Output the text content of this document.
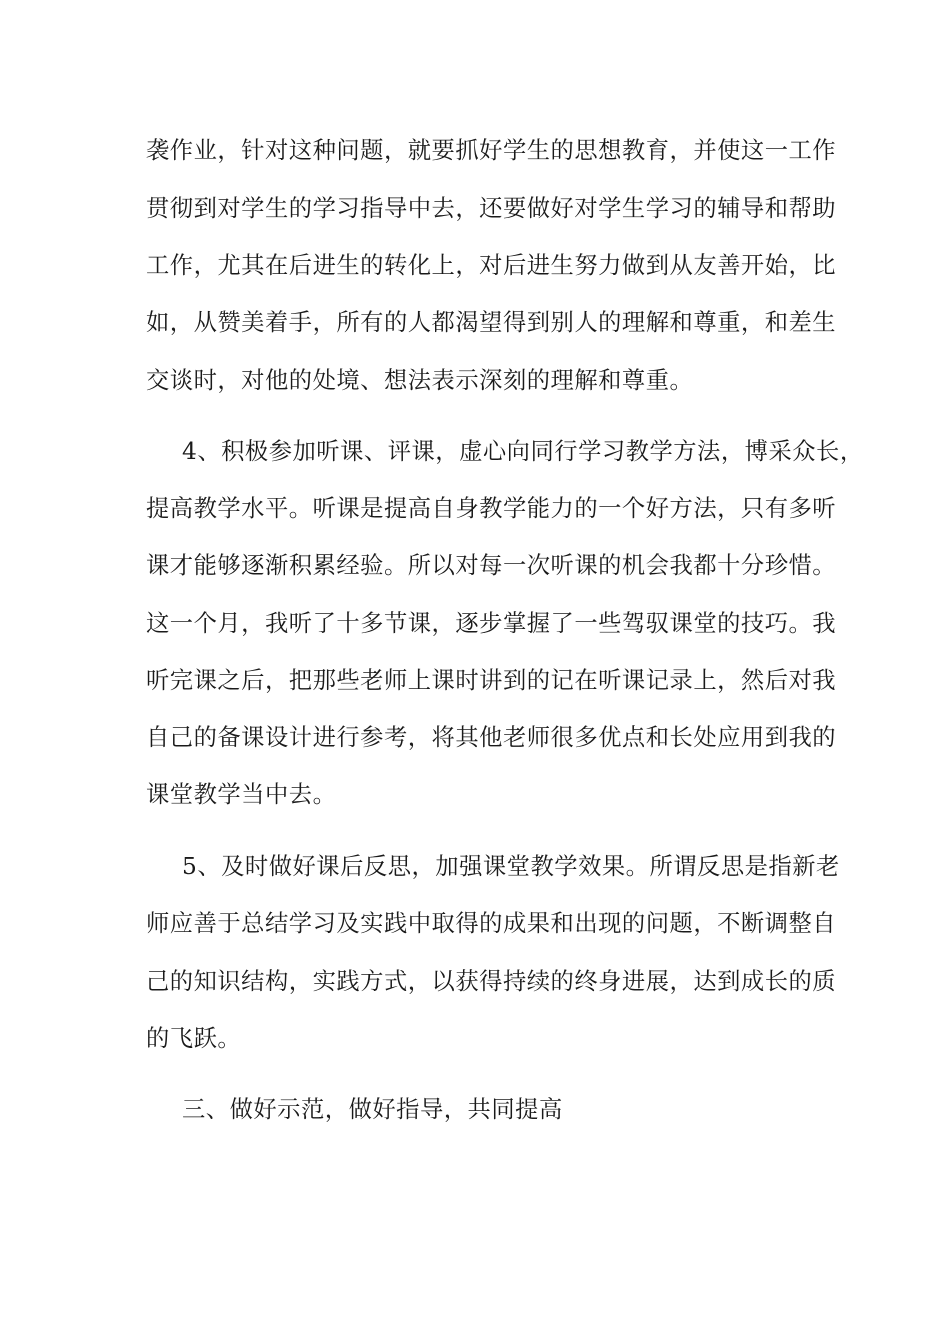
袭作业，针对这种问题，就要抓好学生的思想教育，并使这一工作
贯彻到对学生的学习指导中去，还要做好对学生学习的辅导和帮助
工作，尤其在后进生的转化上，对后进生努力做到从友善开始，比
如，从赞美着手，所有的人都渴望得到别人的理解和尊重，和差生
交谈时，对他的处境、想法表示深刻的理解和尊重。
4、积极参加听课、评课，虚心向同行学习教学方法，博采众长，
提高教学水平。听课是提高自身教学能力的一个好方法，只有多听
课才能够逐渐积累经验。所以对每一次听课的机会我都十分珍惜。
这一个月，我听了十多节课，逐步掌握了一些驾驭课堂的技巧。我
听完课之后，把那些老师上课时讲到的记在听课记录上，然后对我
自己的备课设计进行参考，将其他老师很多优点和长处应用到我的
课堂教学当中去。
5、及时做好课后反思，加强课堂教学效果。所谓反思是指新老
师应善于总结学习及实践中取得的成果和出现的问题，不断调整自
己的知识结构，实践方式，以获得持续的终身进展，达到成长的质
的飞跃。
三、做好示范，做好指导，共同提高
